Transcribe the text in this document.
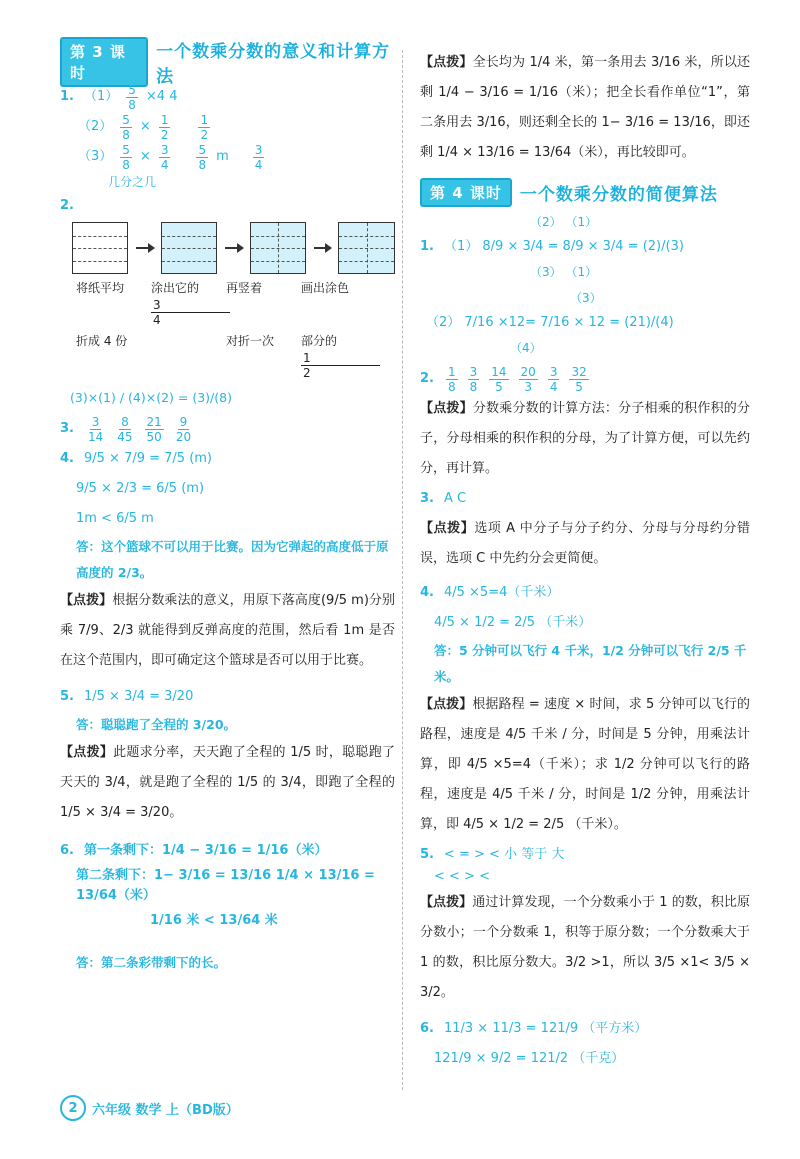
第 3 课时
一个数乘分数的意义和计算方法
1. $(1) \frac{5}{8} \times 4$ 4
$(2) \frac{5}{8} \times \frac{1}{2} \frac{1}{2}$
$(3) \frac{5}{8} \times \frac{3}{4} \frac{5}{8}$ m $\frac{3}{4}$
几分之几
2.
将纸平均	涂出它的
$\frac{3}{4}$
再竖着	画出涂色
折成 4 份	对折一次	部分的
$\frac{1}{2}$
(3)×(1) / (4)×(2) = (3)/(8)
3. $\frac{3}{14} \frac{8}{45} \frac{21}{50} \frac{9}{20}$
4. 9/5 × 7/9 = 7/5 (m)
9/5 × 2/3 = 6/5 (m)
1m < 6/5 m
答：这个篮球不可以用于比赛。因为它弹起的高度低于原高度的 2/3。
【点拨】根据分数乘法的意义，用原下落高度(9/5 m)分别乘 7/9、2/3 就能得到反弹高度的范围，然后看 1m 是否在这个范围内，即可确定这个篮球是否可以用于比赛。
5. 1/5 × 3/4 = 3/20
答：聪聪跑了全程的 3/20。
【点拨】此题求分率，天天跑了全程的 1/5 时，聪聪跑了天天的 3/4，就是跑了全程的 1/5 的 3/4，即跑了全程的 1/5 × 3/4 = 3/20。
6. 第一条剩下：1/4 − 3/16 = 1/16（米）
第二条剩下：1− 3/16 = 13/16 1/4 × 13/16 = 13/64（米）
1/16 米 < 13/64 米
答：第二条彩带剩下的长。
【点拨】全长均为 1/4 米，第一条用去 3/16 米，所以还剩 1/4 − 3/16 = 1/16（米）；把全长看作单位“1”，第二条用去 3/16，则还剩全长的 1− 3/16 = 13/16，即还剩 1/4 × 13/16 = 13/64（米），再比较即可。
第 4 课时	一个数乘分数的简便算法
（2） （1）
1. （1） 8/9 × 3/4 = 8/9 × 3/4 = (2)/(3)
（3） （1）
（3）
（2） 7/16 ×12= 7/16 × 12 = (21)/(4)
（4）
2. $\frac{1}{8} \frac{3}{8} \frac{14}{5} \frac{20}{3} \frac{3}{4} \frac{32}{5}$
【点拨】分数乘分数的计算方法：分子相乘的积作积的分子，分母相乘的积作积的分母，为了计算方便，可以先约分，再计算。
3. A C
【点拨】选项 A 中分子与分子约分、分母与分母约分错误，选项 C 中先约分会更简便。
4. 4/5 ×5=4（千米）
4/5 × 1/2 = 2/5 （千米）
答：5 分钟可以飞行 4 千米，1/2 分钟可以飞行 2/5 千米。
【点拨】根据路程 = 速度 × 时间，求 5 分钟可以飞行的路程，速度是 4/5 千米 / 分，时间是 5 分钟，用乘法计算，即 4/5 ×5=4（千米）；求 1/2 分钟可以飞行的路程，速度是 4/5 千米 / 分，时间是 1/2 分钟，用乘法计算，即 4/5 × 1/2 = 2/5 （千米）。
5. < = > < 小 等于 大
< < > <
【点拨】通过计算发现，一个分数乘小于 1 的数，积比原分数小；一个分数乘 1，积等于原分数；一个分数乘大于 1 的数，积比原分数大。3/2 >1，所以 3/5 ×1< 3/5 × 3/2。
6. 11/3 × 11/3 = 121/9 （平方米）
121/9 × 9/2 = 121/2 （千克）
2	六年级 数学 上（BD版）
